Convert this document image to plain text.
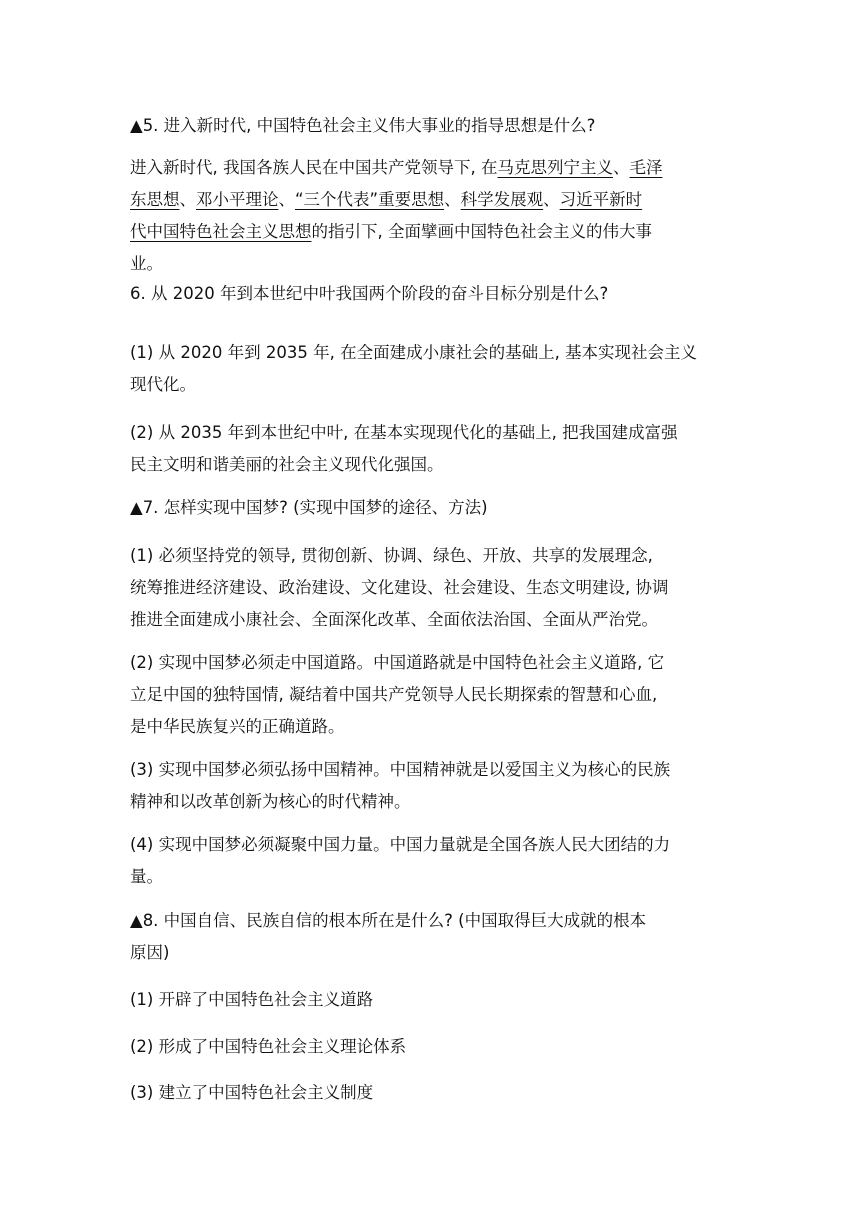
▲5. 进入新时代, 中国特色社会主义伟大事业的指导思想是什么?

进入新时代, 我国各族人民在中国共产党领导下, 在马克思列宁主义、毛泽
东思想、邓小平理论、“三个代表”重要思想、科学发展观、习近平新时
代中国特色社会主义思想的指引下, 全面擘画中国特色社会主义的伟大事
业。

6. 从 2020 年到本世纪中叶我国两个阶段的奋斗目标分别是什么?

(1) 从 2020 年到 2035 年, 在全面建成小康社会的基础上, 基本实现社会主义
现代化。
(2) 从 2035 年到本世纪中叶, 在基本实现现代化的基础上, 把我国建成富强
民主文明和谐美丽的社会主义现代化强国。

▲7. 怎样实现中国梦? (实现中国梦的途径、方法)

(1) 必须坚持党的领导, 贯彻创新、协调、绿色、开放、共享的发展理念,
统筹推进经济建设、政治建设、文化建设、社会建设、生态文明建设, 协调
推进全面建成小康社会、全面深化改革、全面依法治国、全面从严治党。
(2) 实现中国梦必须走中国道路。中国道路就是中国特色社会主义道路, 它
立足中国的独特国情, 凝结着中国共产党领导人民长期探索的智慧和心血,
是中华民族复兴的正确道路。
(3) 实现中国梦必须弘扬中国精神。中国精神就是以爱国主义为核心的民族
精神和以改革创新为核心的时代精神。
(4) 实现中国梦必须凝聚中国力量。中国力量就是全国各族人民大团结的力
量。
▲8. 中国自信、民族自信的根本所在是什么? (中国取得巨大成就的根本
原因)

(1) 开辟了中国特色社会主义道路

(2) 形成了中国特色社会主义理论体系

(3) 建立了中国特色社会主义制度
